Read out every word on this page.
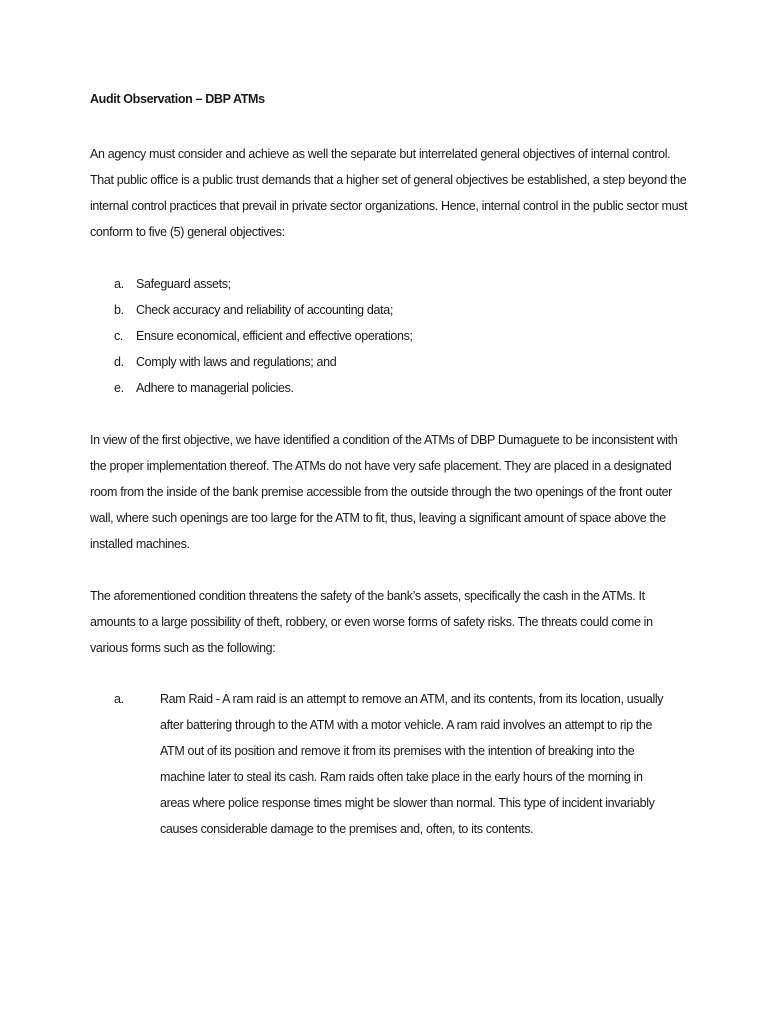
Audit Observation – DBP ATMs

An agency must consider and achieve as well the separate but interrelated general objectives of internal control. That public office is a public trust demands that a higher set of general objectives be established, a step beyond the internal control practices that prevail in private sector organizations. Hence, internal control in the public sector must conform to five (5) general objectives:

a. Safeguard assets;
b. Check accuracy and reliability of accounting data;
c. Ensure economical, efficient and effective operations;
d. Comply with laws and regulations; and
e. Adhere to managerial policies.

In view of the first objective, we have identified a condition of the ATMs of DBP Dumaguete to be inconsistent with the proper implementation thereof. The ATMs do not have very safe placement. They are placed in a designated room from the inside of the bank premise accessible from the outside through the two openings of the front outer wall, where such openings are too large for the ATM to fit, thus, leaving a significant amount of space above the installed machines.

The aforementioned condition threatens the safety of the bank’s assets, specifically the cash in the ATMs. It amounts to a large possibility of theft, robbery, or even worse forms of safety risks. The threats could come in various forms such as the following:

a.	Ram Raid - A ram raid is an attempt to remove an ATM, and its contents, from its location, usually after battering through to the ATM with a motor vehicle. A ram raid involves an attempt to rip the ATM out of its position and remove it from its premises with the intention of breaking into the machine later to steal its cash. Ram raids often take place in the early hours of the morning in areas where police response times might be slower than normal. This type of incident invariably causes considerable damage to the premises and, often, to its contents.
